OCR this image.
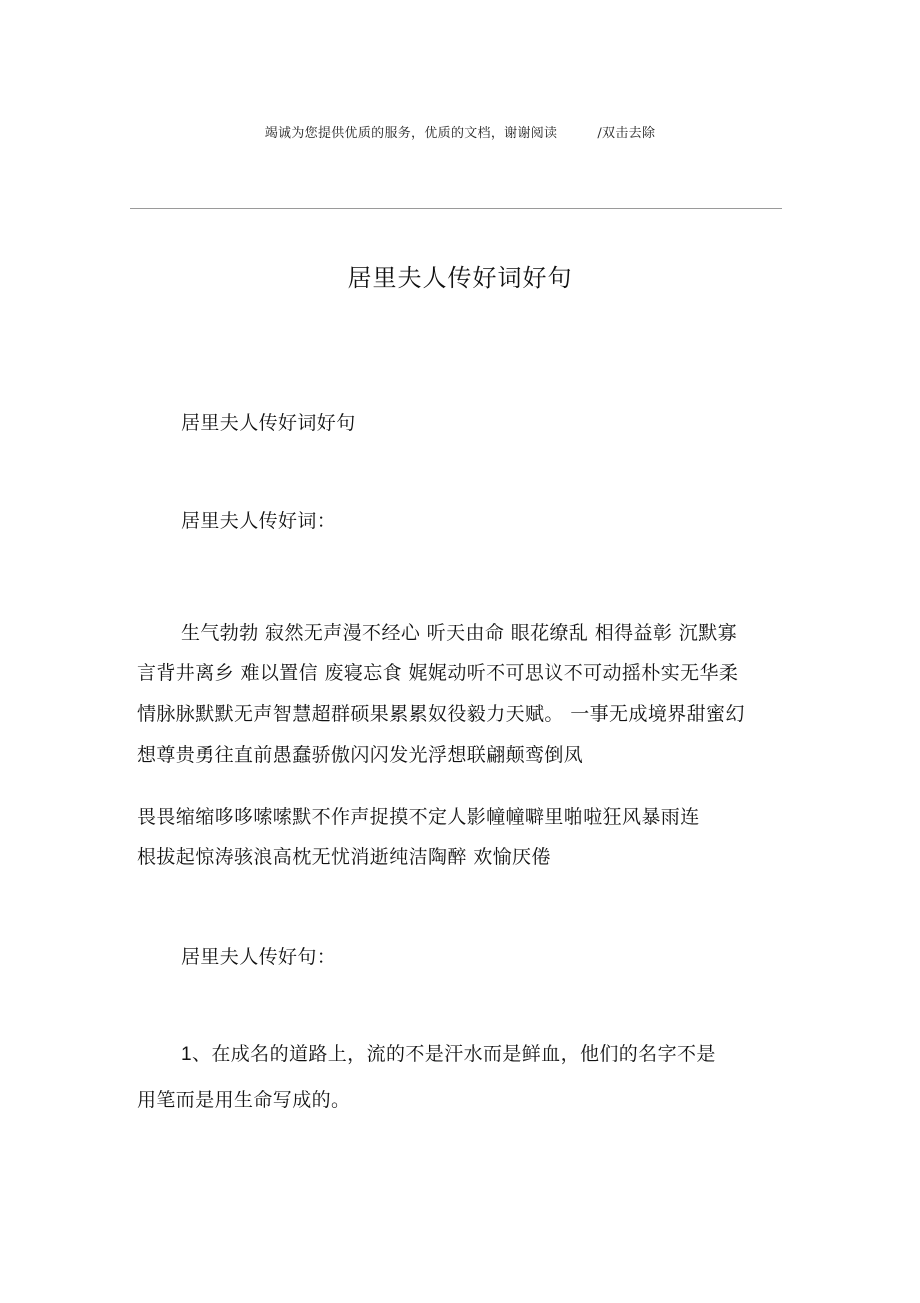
竭诚为您提供优质的服务，优质的文档，谢谢阅读	/双击去除
居里夫人传好词好句
居里夫人传好词好句
居里夫人传好词：
生气勃勃 寂然无声漫不经心 听天由命 眼花缭乱 相得益彰 沉默寡
言背井离乡 难以置信 废寝忘食 娓娓动听不可思议不可动摇朴实无华柔
情脉脉默默无声智慧超群硕果累累奴役毅力天赋。 一事无成境界甜蜜幻
想尊贵勇往直前愚蠢骄傲闪闪发光浮想联翩颠鸾倒凤
畏畏缩缩哆哆嗦嗦默不作声捉摸不定人影幢幢噼里啪啦狂风暴雨连
根拔起惊涛骇浪高枕无忧消逝纯洁陶醉 欢愉厌倦
居里夫人传好句：
1、在成名的道路上，流的不是汗水而是鲜血，他们的名字不是
用笔而是用生命写成的。
